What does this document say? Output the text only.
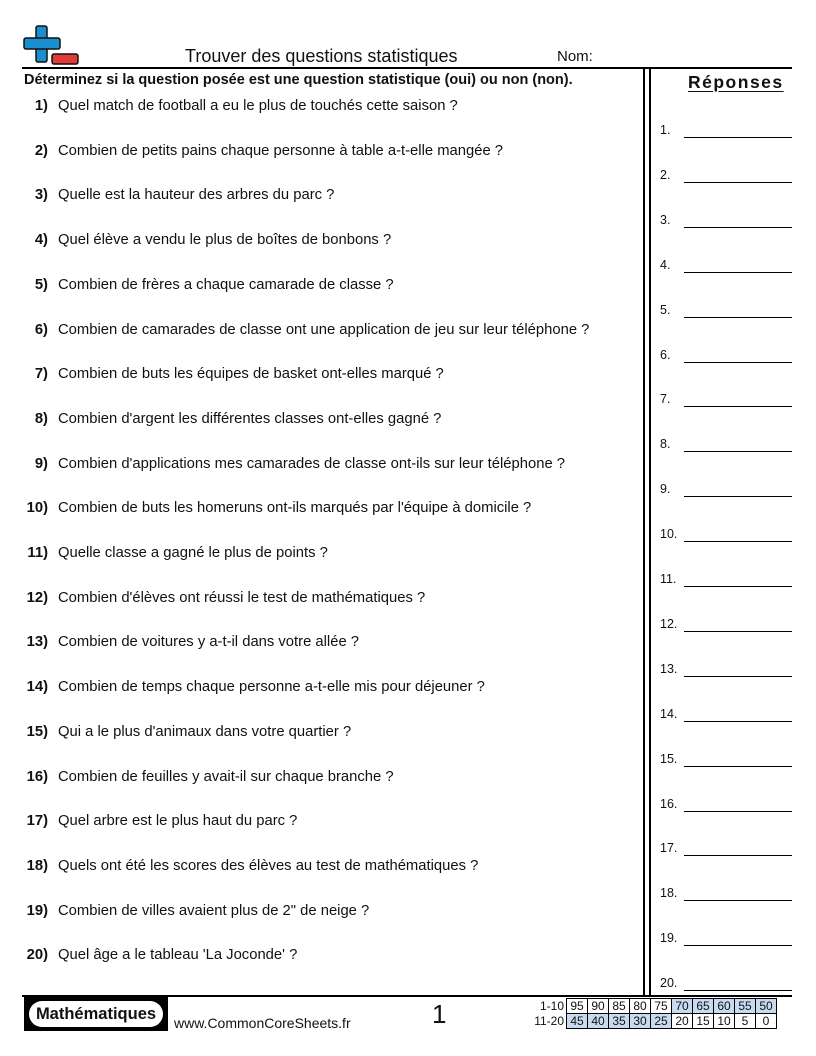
Trouver des questions statistiques	Nom:
Déterminez si la question posée est une question statistique (oui) ou non (non).	Réponses
1) Quel match de football a eu le plus de touchés cette saison ?
2) Combien de petits pains chaque personne à table a-t-elle mangée ?
3) Quelle est la hauteur des arbres du parc ?
4) Quel élève a vendu le plus de boîtes de bonbons ?
5) Combien de frères a chaque camarade de classe ?
6) Combien de camarades de classe ont une application de jeu sur leur téléphone ?
7) Combien de buts les équipes de basket ont-elles marqué ?
8) Combien d'argent les différentes classes ont-elles gagné ?
9) Combien d'applications mes camarades de classe ont-ils sur leur téléphone ?
10) Combien de buts les homeruns ont-ils marqués par l'équipe à domicile ?
11) Quelle classe a gagné le plus de points ?
12) Combien d'élèves ont réussi le test de mathématiques ?
13) Combien de voitures y a-t-il dans votre allée ?
14) Combien de temps chaque personne a-t-elle mis pour déjeuner ?
15) Qui a le plus d'animaux dans votre quartier ?
16) Combien de feuilles y avait-il sur chaque branche ?
17) Quel arbre est le plus haut du parc ?
18) Quels ont été les scores des élèves au test de mathématiques ?
19) Combien de villes avaient plus de 2" de neige ?
20) Quel âge a le tableau 'La Joconde' ?
1.
2.
3.
4.
5.
6.
7.
8.
9.
10.
11.
12.
13.
14.
15.
16.
17.
18.
19.
20.
Mathématiques	www.CommonCoreSheets.fr	1	1-10	95	90	85	80	75	70	65	60	55	50
11-20	45	40	35	30	25	20	15	10	5	0
